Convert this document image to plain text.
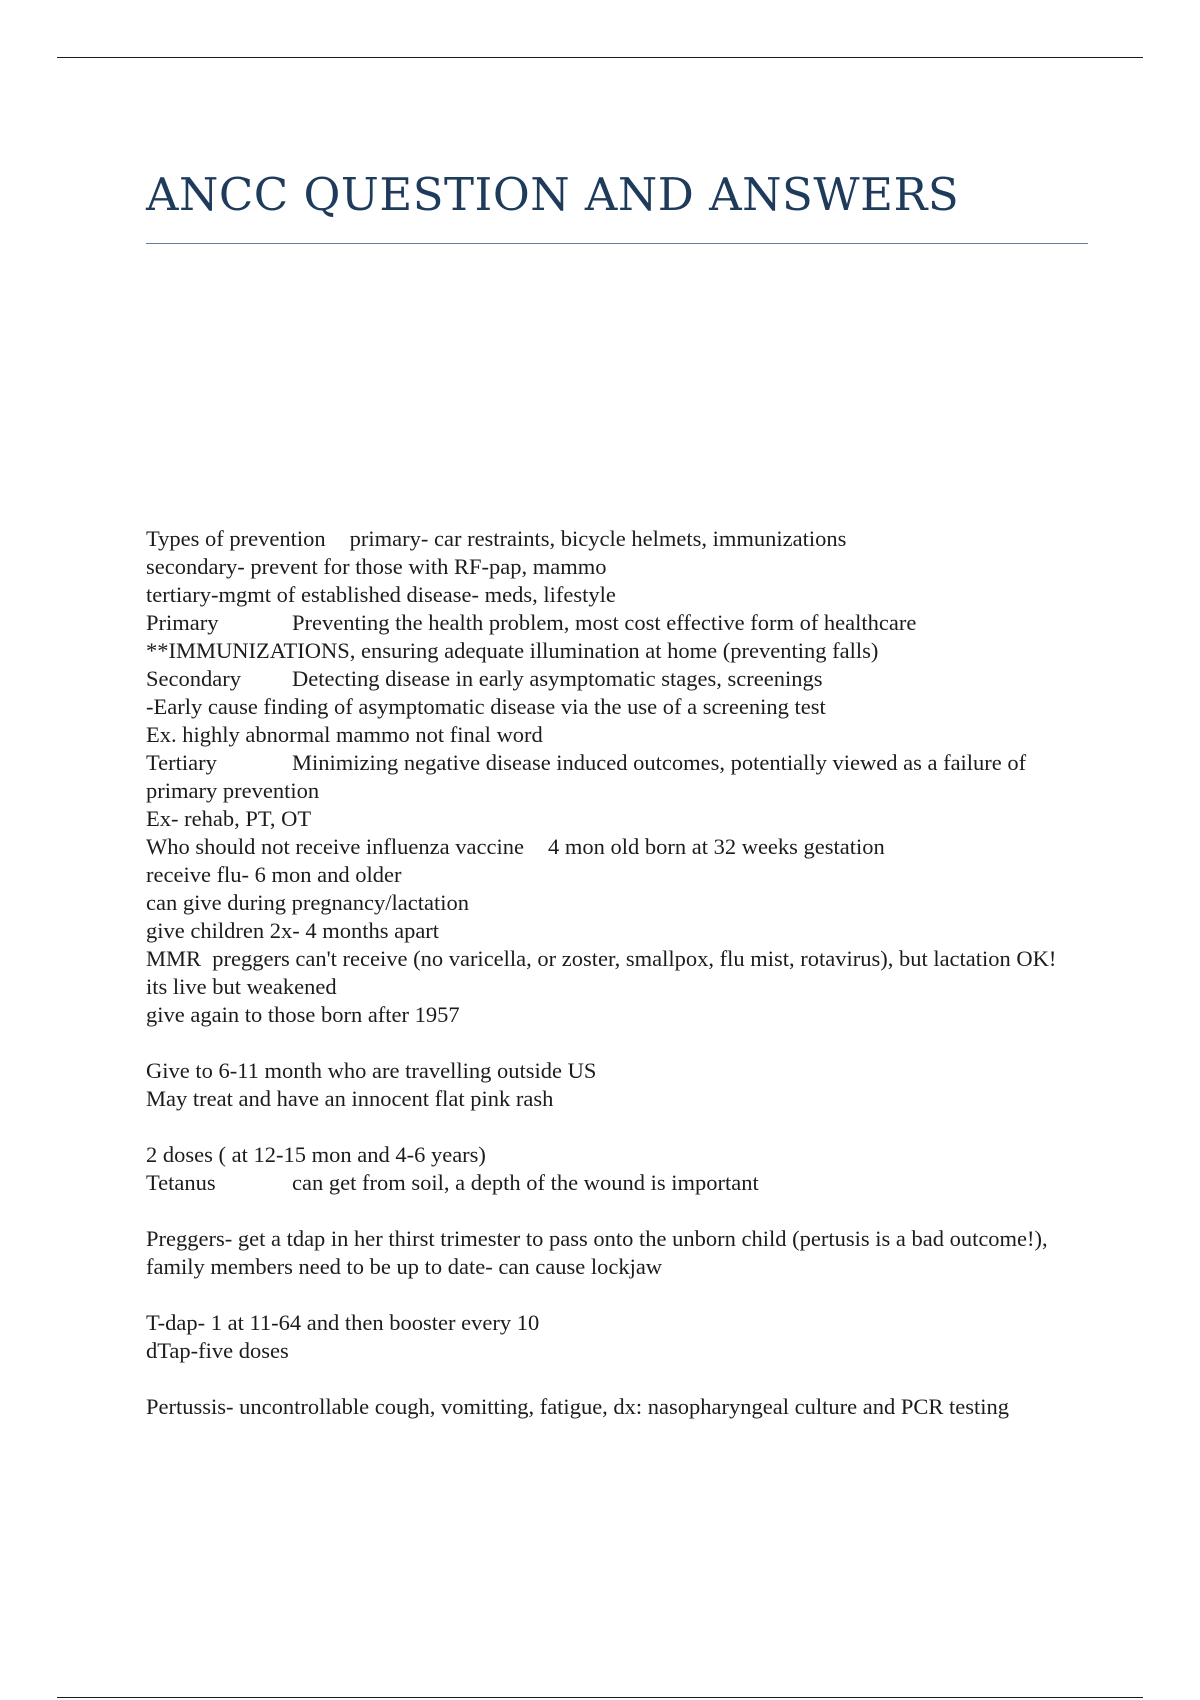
ANCC QUESTION AND ANSWERS
Types of prevention primary- car restraints, bicycle helmets, immunizations
secondary- prevent for those with RF-pap, mammo
tertiary-mgmt of established disease- meds, lifestyle
Primary	Preventing the health problem, most cost effective form of healthcare
**IMMUNIZATIONS, ensuring adequate illumination at home (preventing falls)
Secondary Detecting disease in early asymptomatic stages, screenings
-Early cause finding of asymptomatic disease via the use of a screening test
Ex. highly abnormal mammo not final word
Tertiary	Minimizing negative disease induced outcomes, potentially viewed as a failure of primary prevention
Ex- rehab, PT, OT
Who should not receive influenza vaccine 4 mon old born at 32 weeks gestation
receive flu- 6 mon and older
can give during pregnancy/lactation
give children 2x- 4 months apart
MMR preggers can't receive (no varicella, or zoster, smallpox, flu mist, rotavirus), but lactation OK!
its live but weakened
give again to those born after 1957
Give to 6-11 month who are travelling outside US
May treat and have an innocent flat pink rash
2 doses ( at 12-15 mon and 4-6 years)
Tetanus	can get from soil, a depth of the wound is important
Preggers- get a tdap in her thirst trimester to pass onto the unborn child (pertusis is a bad outcome!), family members need to be up to date- can cause lockjaw
T-dap- 1 at 11-64 and then booster every 10
dTap-five doses
Pertussis- uncontrollable cough, vomitting, fatigue, dx: nasopharyngeal culture and PCR testing
